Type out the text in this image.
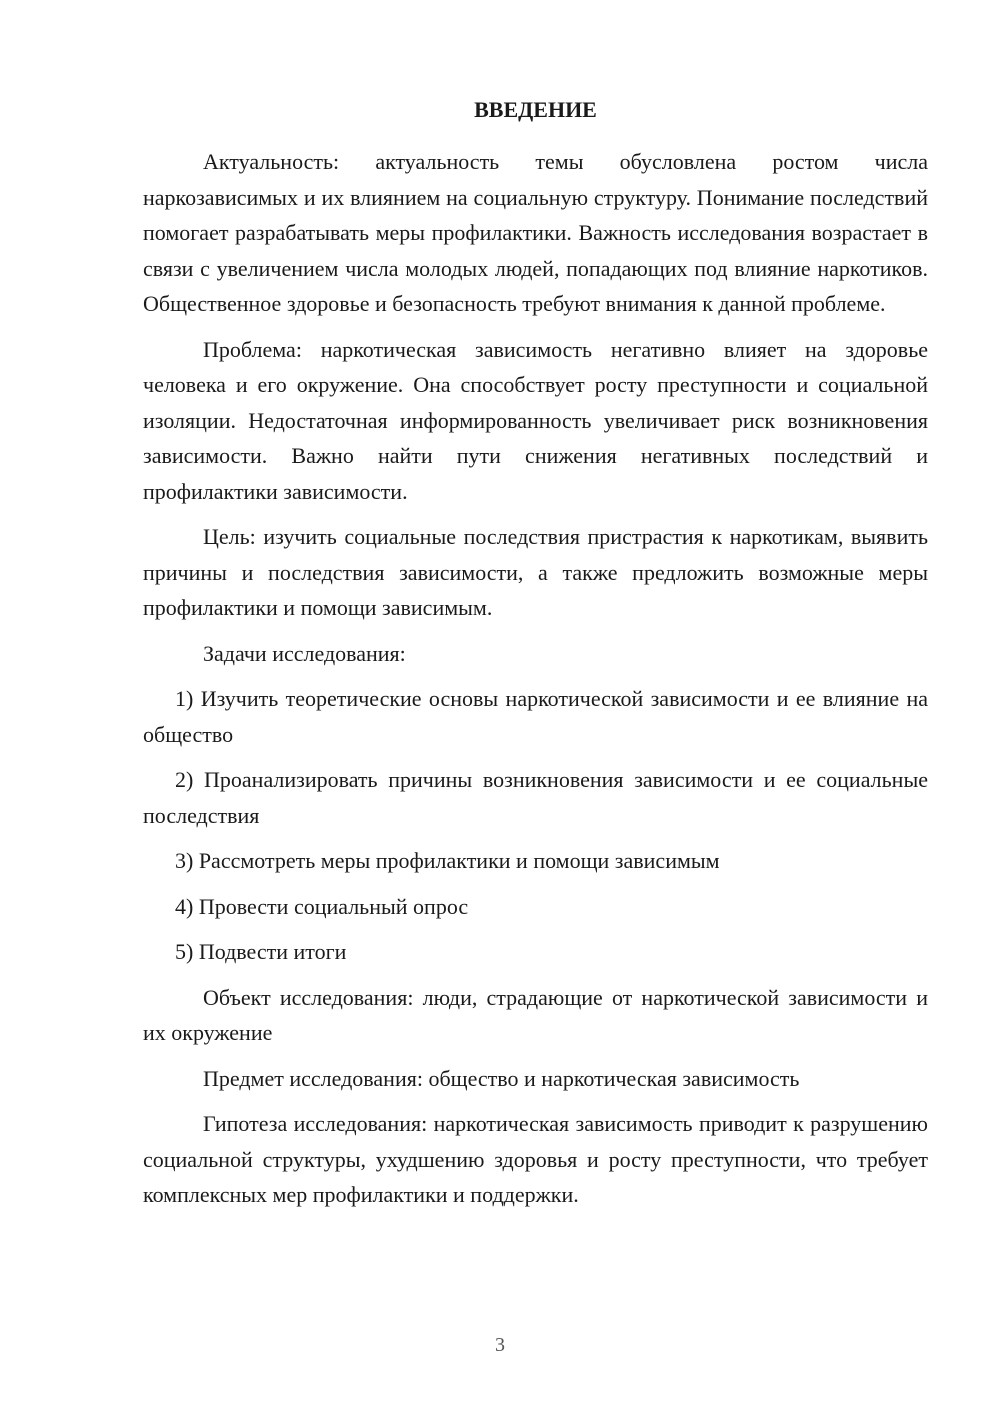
ВВЕДЕНИЕ

Актуальность: актуальность темы обусловлена ростом числа наркозависимых и их влиянием на социальную структуру. Понимание последствий помогает разрабатывать меры профилактики. Важность исследования возрастает в связи с увеличением числа молодых людей, попадающих под влияние наркотиков. Общественное здоровье и безопасность требуют внимания к данной проблеме.

Проблема: наркотическая зависимость негативно влияет на здоровье человека и его окружение. Она способствует росту преступности и социальной изоляции. Недостаточная информированность увеличивает риск возникновения зависимости. Важно найти пути снижения негативных последствий и профилактики зависимости.

Цель: изучить социальные последствия пристрастия к наркотикам, выявить причины и последствия зависимости, а также предложить возможные меры профилактики и помощи зависимым.

Задачи исследования:

1) Изучить теоретические основы наркотической зависимости и ее влияние на общество

2) Проанализировать причины возникновения зависимости и ее социальные последствия

3) Рассмотреть меры профилактики и помощи зависимым

4) Провести социальный опрос

5) Подвести итоги

Объект исследования: люди, страдающие от наркотической зависимости и их окружение

Предмет исследования: общество и наркотическая зависимость

Гипотеза исследования: наркотическая зависимость приводит к разрушению социальной структуры, ухудшению здоровья и росту преступности, что требует комплексных мер профилактики и поддержки.

3
